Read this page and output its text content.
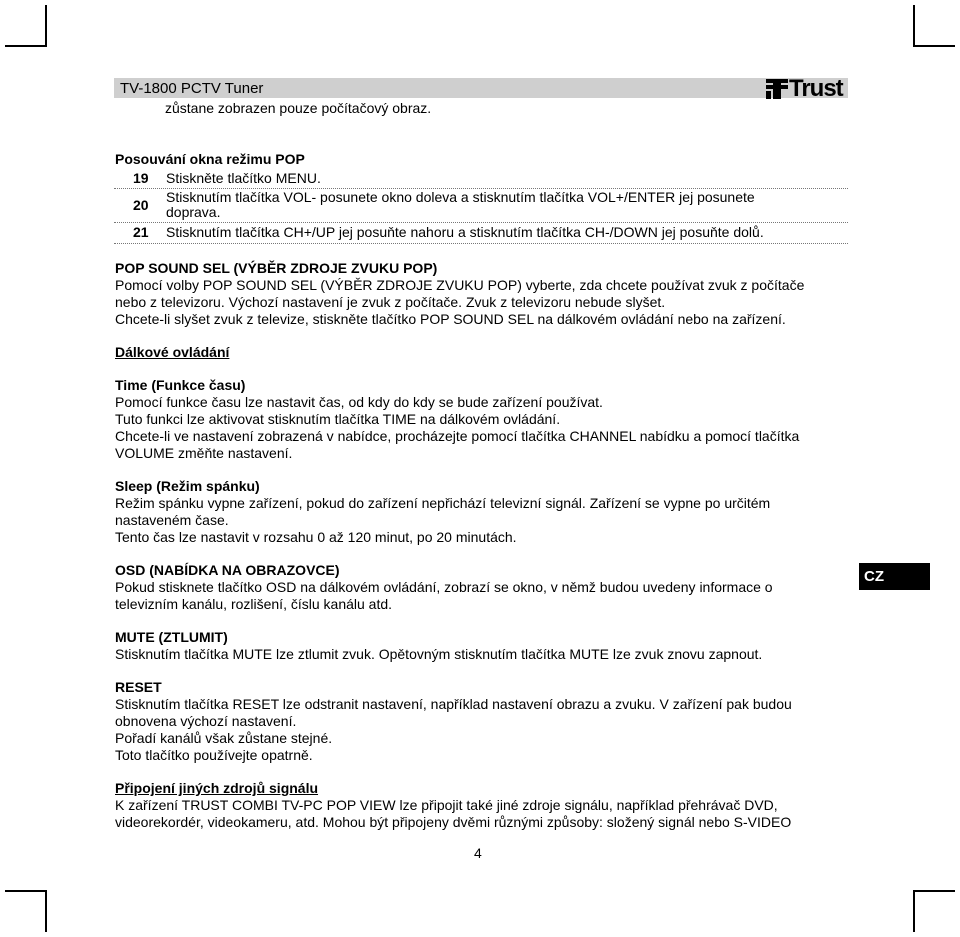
TV-1800 PCTV Tuner	Trust
zůstane zobrazen pouze počítačový obraz.
Posouvání okna režimu POP
19 Stiskněte tlačítko MENU.
20 Stisknutím tlačítka VOL- posunete okno doleva a stisknutím tlačítka VOL+/ENTER jej posunete
doprava.
21 Stisknutím tlačítka CH+/UP jej posuňte nahoru a stisknutím tlačítka CH-/DOWN jej posuňte dolů.
POP SOUND SEL (VÝBĚR ZDROJE ZVUKU POP)
Pomocí volby POP SOUND SEL (VÝBĚR ZDROJE ZVUKU POP) vyberte, zda chcete používat zvuk z počítače
nebo z televizoru. Výchozí nastavení je zvuk z počítače. Zvuk z televizoru nebude slyšet.
Chcete-li slyšet zvuk z televize, stiskněte tlačítko POP SOUND SEL na dálkovém ovládání nebo na zařízení.
Dálkové ovládání
Time (Funkce času)
Pomocí funkce času lze nastavit čas, od kdy do kdy se bude zařízení používat.
Tuto funkci lze aktivovat stisknutím tlačítka TIME na dálkovém ovládání.
Chcete-li ve nastavení zobrazená v nabídce, procházejte pomocí tlačítka CHANNEL nabídku a pomocí tlačítka
VOLUME změňte nastavení.
Sleep (Režim spánku)
Režim spánku vypne zařízení, pokud do zařízení nepřichází televizní signál. Zařízení se vypne po určitém
nastaveném čase.
Tento čas lze nastavit v rozsahu 0 až 120 minut, po 20 minutách.
OSD (NABÍDKA NA OBRAZOVCE)
Pokud stisknete tlačítko OSD na dálkovém ovládání, zobrazí se okno, v němž budou uvedeny informace o
televizním kanálu, rozlišení, číslu kanálu atd.
CZ
MUTE (ZTLUMIT)
Stisknutím tlačítka MUTE lze ztlumit zvuk. Opětovným stisknutím tlačítka MUTE lze zvuk znovu zapnout.
RESET
Stisknutím tlačítka RESET lze odstranit nastavení, například nastavení obrazu a zvuku. V zařízení pak budou
obnovena výchozí nastavení.
Pořadí kanálů však zůstane stejné.
Toto tlačítko používejte opatrně.
Připojení jiných zdrojů signálu
K zařízení TRUST COMBI TV-PC POP VIEW lze připojit také jiné zdroje signálu, například přehrávač DVD,
videorekordér, videokameru, atd. Mohou být připojeny dvěmi různými způsoby: složený signál nebo S-VIDEO
4
